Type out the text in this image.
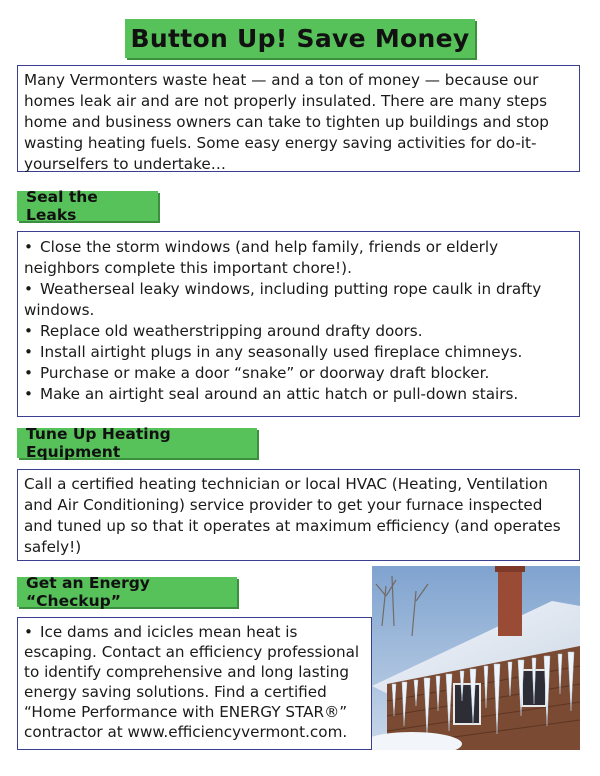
Button Up! Save Money

Many Vermonters waste heat — and a ton of money — because our homes leak air and are not properly insulated. There are many steps home and business owners can take to tighten up buildings and stop wasting heating fuels. Some easy energy saving activities for do-it-yourselfers to undertake…

Seal the Leaks
• Close the storm windows (and help family, friends or elderly neighbors complete this important chore!).
• Weatherseal leaky windows, including putting rope caulk in drafty windows.
• Replace old weatherstripping around drafty doors.
• Install airtight plugs in any seasonally used fireplace chimneys.
• Purchase or make a door “snake” or doorway draft blocker.
• Make an airtight seal around an attic hatch or pull-down stairs.
Tune Up Heating Equipment

Call a certified heating technician or local HVAC (Heating, Ventilation and Air Conditioning) service provider to get your furnace inspected and tuned up so that it operates at maximum efficiency (and operates safely!)

Get an Energy “Checkup”

• Ice dams and icicles mean heat is escaping. Contact an efficiency professional to identify comprehensive and long lasting energy saving solutions. Find a certified “Home Performance with ENERGY STAR®” contractor at www.efficiencyvermont.com.
